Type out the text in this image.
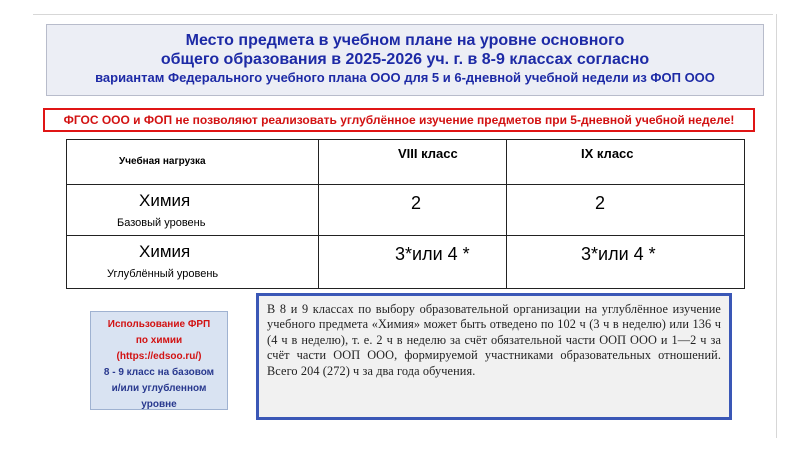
Место предмета в учебном плане на уровне основного
общего образования в 2025-2026 уч. г. в 8-9 классах согласно
вариантам Федерального учебного плана ООО для 5 и 6-дневной учебной недели из ФОП ООО
ФГОС ООО и ФОП не позволяют реализовать углублённое изучение предметов при 5-дневной учебной неделе!
Учебная нагрузка	VIII класс	IX класс

Химия
Базовый уровень	2	2

Химия
Углублённый уровень	3*или 4 *	3*или 4 *
Использование ФРП
по химии
(https://edsoo.ru/)
8 - 9 класс на базовом
и/или углубленном
уровне
В 8 и 9 классах по выбору образовательной организации на углублённое изучение учебного предмета «Химия» может быть отведено по 102 ч (3 ч в неделю) или 136 ч (4 ч в неделю), т. е. 2 ч в неделю за счёт обязательной части ООП ООО и 1—2 ч за счёт части ООП ООО, формируемой участниками образовательных отношений. Всего 204 (272) ч за два года обучения.
